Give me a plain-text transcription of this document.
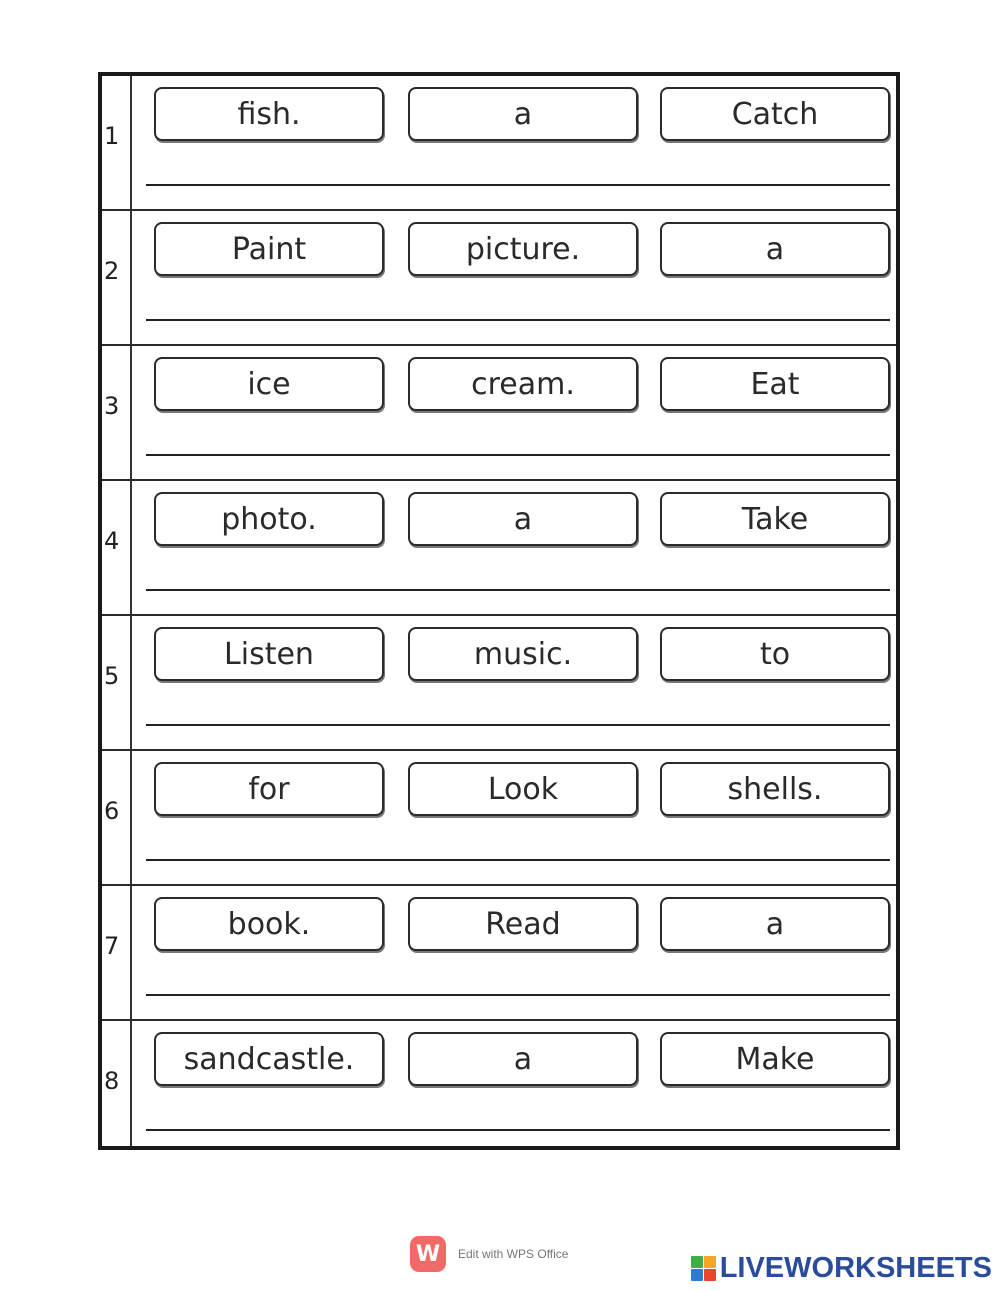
1
fish.	a	Catch
2
Paint	picture.	a
3
ice	cream.	Eat
4
photo.	a	Take
5
Listen	music.	to
6
for	Look	shells.
7
book.	Read	a
8
sandcastle.	a	Make
W	Edit with WPS Office	LIVEWORKSHEETS
